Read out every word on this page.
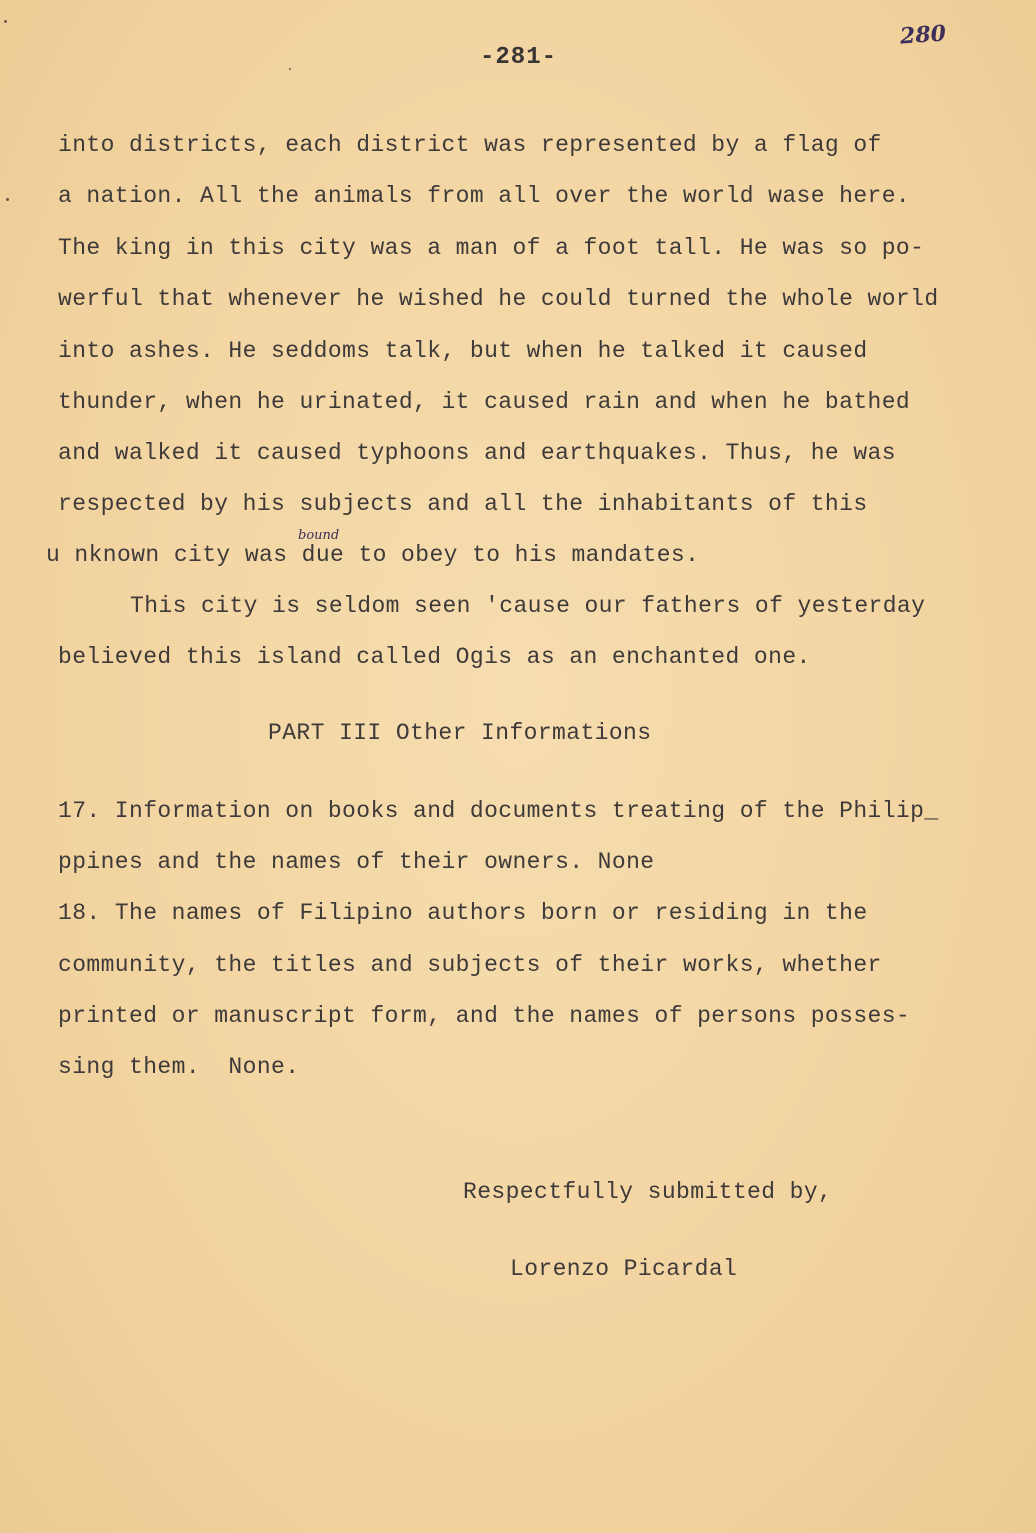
-281-
280
into districts, each district was represented by a flag of
a nation. All the animals from all over the world wase here.
The king in this city was a man of a foot tall. He was so po-
werful that whenever he wished he could turned the whole world
into ashes. He seddoms talk, but when he talked it caused
thunder, when he urinated, it caused rain and when he bathed
and walked it caused typhoons and earthquakes. Thus, he was
respected by his subjects and all the inhabitants of this
bound
u nknown city was due to obey to his mandates.
This city is seldom seen 'cause our fathers of yesterday
believed this island called Ogis as an enchanted one.
PART III Other Informations
17. Information on books and documents treating of the Philip_
ppines and the names of their owners. None
18. The names of Filipino authors born or residing in the
community, the titles and subjects of their works, whether
printed or manuscript form, and the names of persons posses-
sing them.  None.
Respectfully submitted by,
Lorenzo Picardal
